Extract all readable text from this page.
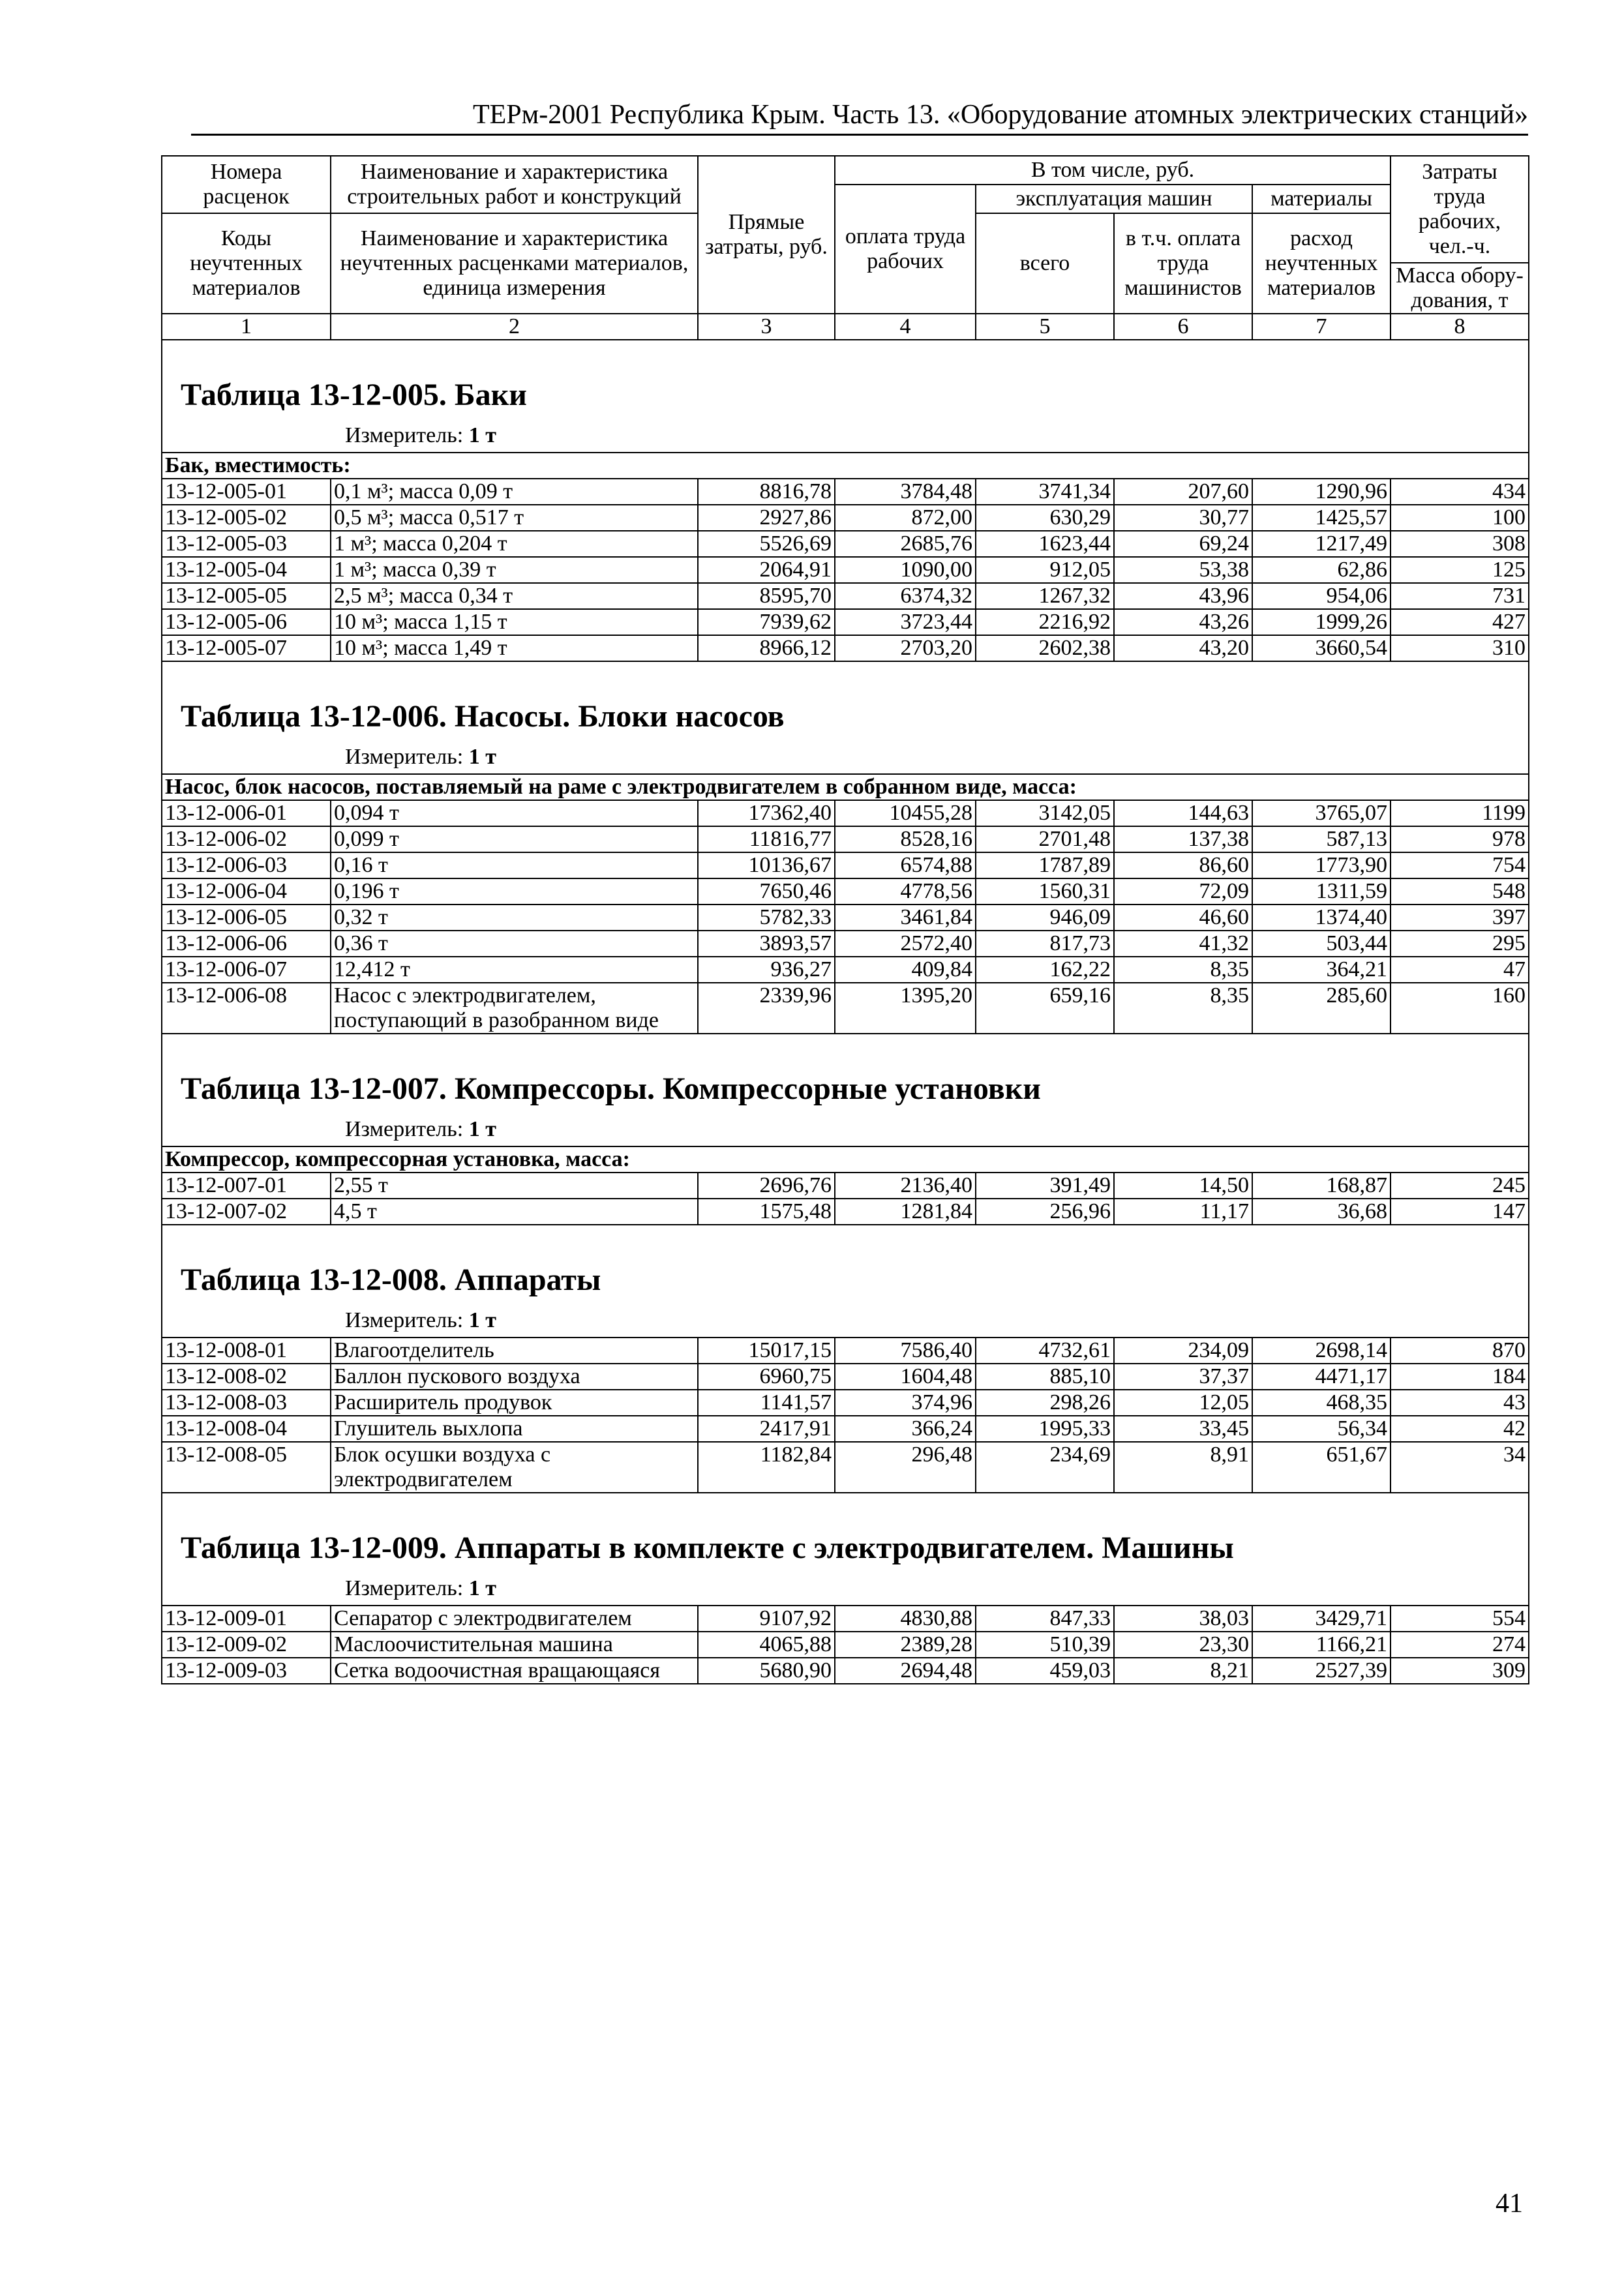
ТЕРм-2001 Республика Крым. Часть 13. «Оборудование атомных электрических станций»
Номера расценок	Наименование и характеристика строительных работ и конструкций	Прямые затраты, руб.	В том числе, руб.				Затраты труда рабочих, чел.-ч.
			оплата труда рабочих	эксплуатация машин		материалы	
Коды неучтенных материалов	Наименование и характеристика неучтенных расценками материалов, единица измерения			всего	в т.ч. оплата труда машинистов	расход неучтенных материалов	
							Масса обору-дования, т
1	2	3	4	5	6	7	8
Таблица 13-12-005. Баки							
Измеритель: 1 т							
Бак, вместимость:							
13-12-005-01	0,1 м³; масса 0,09 т	8816,78	3784,48	3741,34	207,60	1290,96	434
13-12-005-02	0,5 м³; масса 0,517 т	2927,86	872,00	630,29	30,77	1425,57	100
13-12-005-03	1 м³; масса 0,204 т	5526,69	2685,76	1623,44	69,24	1217,49	308
13-12-005-04	1 м³; масса 0,39 т	2064,91	1090,00	912,05	53,38	62,86	125
13-12-005-05	2,5 м³; масса 0,34 т	8595,70	6374,32	1267,32	43,96	954,06	731
13-12-005-06	10 м³; масса 1,15 т	7939,62	3723,44	2216,92	43,26	1999,26	427
13-12-005-07	10 м³; масса 1,49 т	8966,12	2703,20	2602,38	43,20	3660,54	310
Таблица 13-12-006. Насосы. Блоки насосов							
Измеритель: 1 т							
Насос, блок насосов, поставляемый на раме с электродвигателем в собранном виде, масса:							
13-12-006-01	0,094 т	17362,40	10455,28	3142,05	144,63	3765,07	1199
13-12-006-02	0,099 т	11816,77	8528,16	2701,48	137,38	587,13	978
13-12-006-03	0,16 т	10136,67	6574,88	1787,89	86,60	1773,90	754
13-12-006-04	0,196 т	7650,46	4778,56	1560,31	72,09	1311,59	548
13-12-006-05	0,32 т	5782,33	3461,84	946,09	46,60	1374,40	397
13-12-006-06	0,36 т	3893,57	2572,40	817,73	41,32	503,44	295
13-12-006-07	12,412 т	936,27	409,84	162,22	8,35	364,21	47
13-12-006-08	Насос с электродвигателем,
поступающий в разобранном виде	2339,96	1395,20	659,16	8,35	285,60	160
Таблица 13-12-007. Компрессоры. Компрессорные установки							
Измеритель: 1 т							
Компрессор, компрессорная установка, масса:							
13-12-007-01	2,55 т	2696,76	2136,40	391,49	14,50	168,87	245
13-12-007-02	4,5 т	1575,48	1281,84	256,96	11,17	36,68	147
Таблица 13-12-008. Аппараты							
Измеритель: 1 т							
13-12-008-01	Влагоотделитель	15017,15	7586,40	4732,61	234,09	2698,14	870
13-12-008-02	Баллон пускового воздуха	6960,75	1604,48	885,10	37,37	4471,17	184
13-12-008-03	Расширитель продувок	1141,57	374,96	298,26	12,05	468,35	43
13-12-008-04	Глушитель выхлопа	2417,91	366,24	1995,33	33,45	56,34	42
13-12-008-05	Блок осушки воздуха с
электродвигателем	1182,84	296,48	234,69	8,91	651,67	34
Таблица 13-12-009. Аппараты в комплекте с электродвигателем. Машины							
Измеритель: 1 т							
13-12-009-01	Сепаратор с электродвигателем	9107,92	4830,88	847,33	38,03	3429,71	554
13-12-009-02	Маслоочистительная машина	4065,88	2389,28	510,39	23,30	1166,21	274
13-12-009-03	Сетка водоочистная вращающаяся	5680,90	2694,48	459,03	8,21	2527,39	309
41
